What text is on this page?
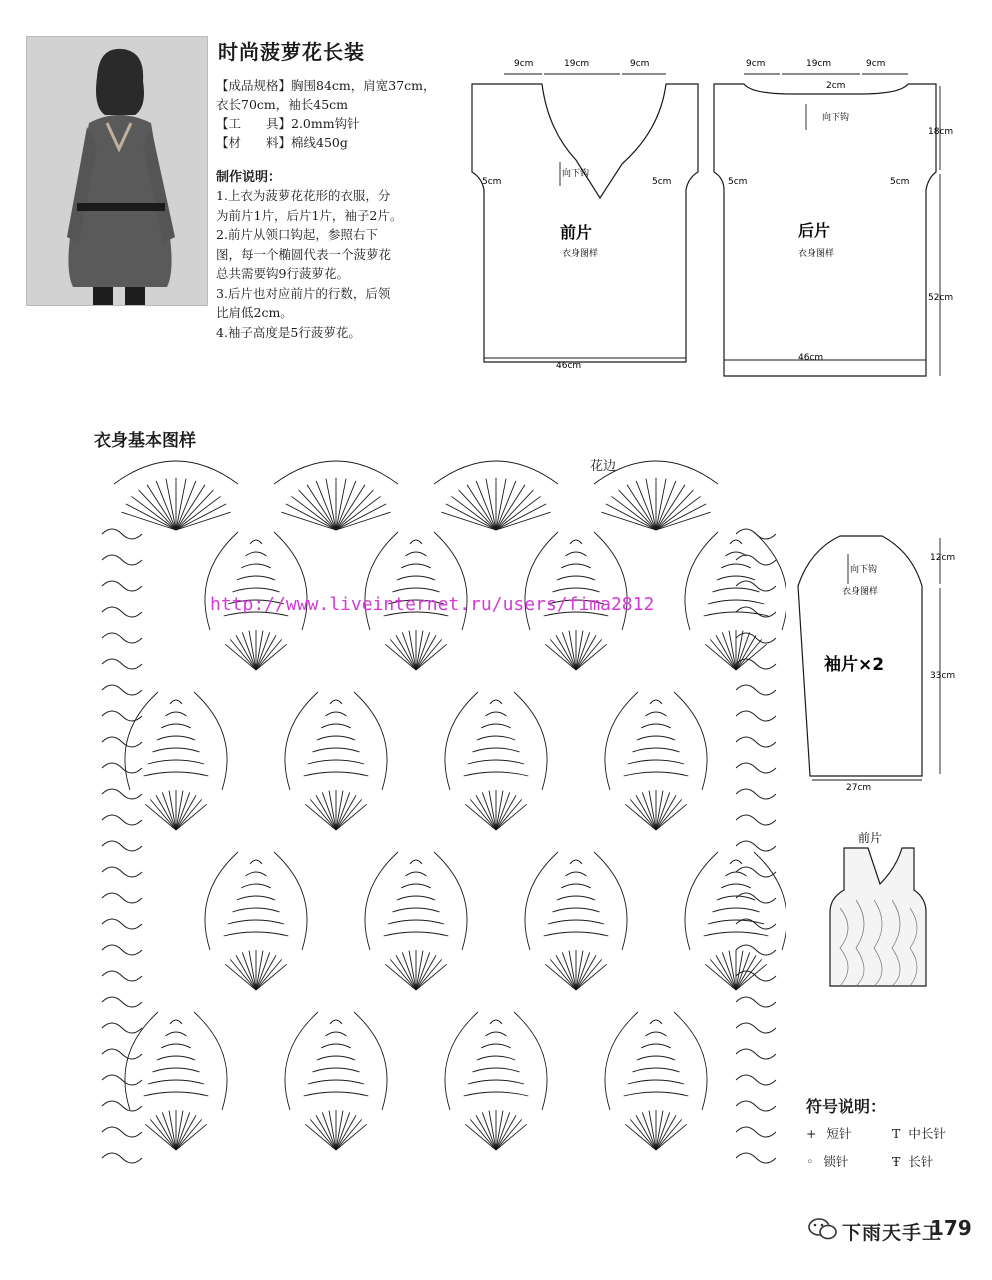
时尚菠萝花长装
【成品规格】胸围84cm，肩宽37cm，
衣长70cm，袖长45cm
【工　　具】2.0mm钩针
【材　　料】棉线450g
制作说明：

1.上衣为菠萝花花形的衣服，分

为前片1片，后片1片，袖子2片。

2.前片从领口钩起，参照右下

图，每一个椭圆代表一个菠萝花

总共需要钩9行菠萝花。

3.后片也对应前片的行数，后领

比肩低2cm。

4.袖子高度是5行菠萝花。

9cm	19cm	9cm
5cm	5cm
向下钩
前片
衣身图样
46cm
9cm	19cm	9cm
2cm
5cm	5cm
向下钩
后片
衣身图样
46cm
18cm
52cm
衣身基本图样
花边
http://www.liveinternet.ru/users/fima2812
向下钩
衣身图样
袖片×2
12cm
33cm
27cm
前片
符号说明：
+ 短针	T 中长针
◦ 锁针	Ŧ 长针
下雨天手工
179
